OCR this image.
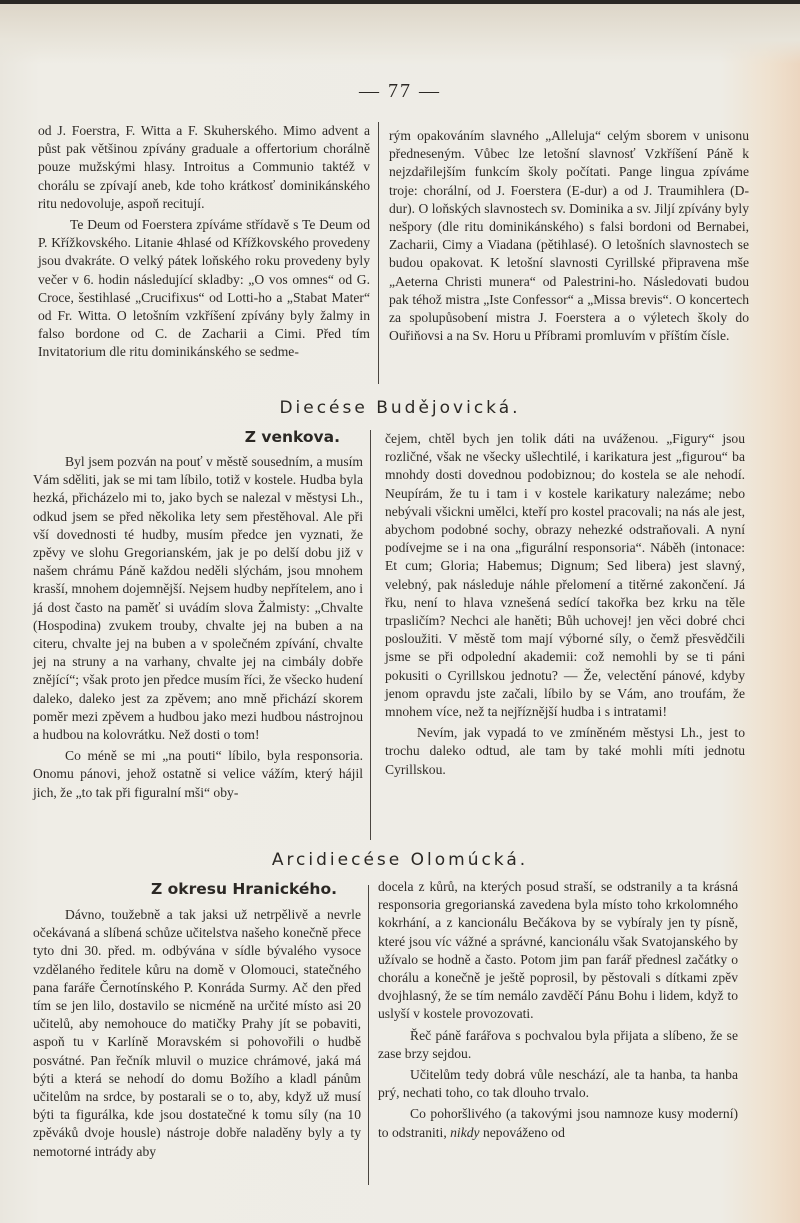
— 77 —

od J. Foerstra, F. Witta a F. Skuherského. Mimo advent a půst pak většinou zpívány graduale a offertorium chorálně pouze mužskými hlasy. Introitus a Communio taktéž v chorálu se zpívají aneb, kde toho krátkosť dominikánského ritu nedovoluje, aspoň recitují.

Te Deum od Foerstera zpíváme střídavě s Te Deum od P. Křížkovského. Litanie 4hlasé od Křížkovského provedeny jsou dvakráte. O velký pátek loňského roku provedeny byly večer v 6. hodin následující skladby: „O vos omnes“ od G. Croce, šestihlasé „Crucifixus“ od Lotti-ho a „Stabat Mater“ od Fr. Witta. O letošním vzkříšení zpívány byly žalmy in falso bordone od C. de Zacharii a Cimi. Před tím Invitatorium dle ritu dominikánského se sedme-

rým opakováním slavného „Alleluja“ celým sborem v unisonu předneseným. Vůbec lze letošní slavnosť Vzkříšení Páně k nejzdařilejším funkcím školy počítati. Pange lingua zpíváme troje: chorální, od J. Foerstera (E-dur) a od J. Traumihlera (D-dur). O loňských slavnostech sv. Dominika a sv. Jiljí zpívány byly nešpory (dle ritu dominikánského) s falsi bordoni od Bernabei, Zacharii, Cimy a Viadana (pětihlasé). O letošních slavnostech se budou opakovat. K letošní slavnosti Cyrillské připravena mše „Aeterna Christi munera“ od Palestrini-ho. Následovati budou pak téhož mistra „Iste Confessor“ a „Missa brevis“. O koncertech za spolupůsobení mistra J. Foerstera a o výletech školy do Ouřiňovsi a na Sv. Horu u Příbrami promluvím v příštím čísle.

Diecése Budějovická.
Z venkova.

Byl jsem pozván na pouť v městě sousedním, a musím Vám sděliti, jak se mi tam líbilo, totiž v kostele. Hudba byla hezká, přicházelo mi to, jako bych se nalezal v městysi Lh., odkud jsem se před několika lety sem přestěhoval. Ale při vší dovednosti té hudby, musím předce jen vyznati, že zpěvy ve slohu Gregorianském, jak je po delší dobu již v našem chrámu Páně každou neděli slýchám, jsou mnohem krasší, mnohem dojemnější. Nejsem hudby nepřítelem, ano i já dost často na paměť si uvádím slova Žalmisty: „Chvalte (Hospodina) zvukem trouby, chvalte jej na buben a na citeru, chvalte jej na buben a v společném zpívání, chvalte jej na struny a na varhany, chvalte jej na cimbály dobře znějící“; však proto jen předce musím říci, že všecko hudení daleko, daleko jest za zpěvem; ano mně přichází skorem poměr mezi zpěvem a hudbou jako mezi hudbou nástrojnou a hudbou na kolovrátku. Než dosti o tom!

Co méně se mi „na pouti“ líbilo, byla responsoria. Onomu pánovi, jehož ostatně si velice vážím, který hájil jich, že „to tak při figuralní mši“ oby-

čejem, chtěl bych jen tolik dáti na uváženou. „Figury“ jsou rozličné, však ne všecky ušlechtilé, i karikatura jest „figurou“ ba mnohdy dosti dovednou podobiznou; do kostela se ale nehodí. Neupírám, že tu i tam i v kostele karikatury nalezáme; nebo nebývali všickni umělci, kteří pro kostel pracovali; na nás ale jest, abychom podobné sochy, obrazy nehezké odstraňovali. A nyní podívejme se i na ona „figurální responsoria“. Náběh (intonace: Et cum; Gloria; Habemus; Dignum; Sed libera) jest slavný, velebný, pak následuje náhle přelomení a titěrné zakončení. Já řku, není to hlava vznešená sedící takořka bez krku na těle trpasličím? Nechci ale haněti; Bůh uchovej! jen věci dobré chci posloužiti. V městě tom mají výborné síly, o čemž přesvědčili jsme se při odpolední akademii: což nemohli by se ti páni pokusiti o Cyrillskou jednotu? — Že, velectění pánové, kdyby jenom opravdu jste začali, líbilo by se Vám, ano troufám, že mnohem více, než ta nejříznější hudba i s intratami!

Nevím, jak vypadá to ve zmíněném městysi Lh., jest to trochu daleko odtud, ale tam by také mohli míti jednotu Cyrillskou.

Arcidiecése Olomúcká.
Z okresu Hranického.

Dávno, toužebně a tak jaksi už netrpělivě a nevrle očekávaná a slíbená schůze učitelstva našeho konečně přece tyto dni 30. před. m. odbývána v sídle bývalého vysoce vzdělaného ředitele kůru na domě v Olomouci, statečného pana faráře Černotínského P. Konráda Surmy. Ač den před tím se jen lilo, dostavilo se nicméně na určité místo asi 20 učitelů, aby nemohouce do matičky Prahy jít se pobaviti, aspoň tu v Karlíně Moravském si pohovořili o hudbě posvátné. Pan řečník mluvil o muzice chrámové, jaká má býti a která se nehodí do domu Božího a kladl pánům učitelům na srdce, by postarali se o to, aby, když už musí býti ta figurálka, kde jsou dostatečné k tomu síly (na 10 zpěváků dvoje housle) nástroje dobře naladěny byly a ty nemotorné intrády aby

docela z kůrů, na kterých posud straší, se odstranily a ta krásná responsoria gregorianská zavedena byla místo toho krkolomného kokrhání, a z kancionálu Bečákova by se vybíraly jen ty písně, které jsou víc vážné a správné, kancionálu však Svatojanského by užívalo se hodně a často. Potom jim pan farář přednesl začátky o chorálu a konečně je ještě poprosil, by pěstovali s dítkami zpěv dvojhlasný, že se tím nemálo zavděčí Pánu Bohu i lidem, když to uslyší v kostele provozovati.

Řeč páně farářova s pochvalou byla přijata a slíbeno, že se zase brzy sejdou.

Učitelům tedy dobrá vůle neschází, ale ta hanba, ta hanba prý, nechati toho, co tak dlouho trvalo.

Co pohoršlivého (a takovými jsou namnoze kusy moderní) to odstraniti, nikdy nepováženo od
